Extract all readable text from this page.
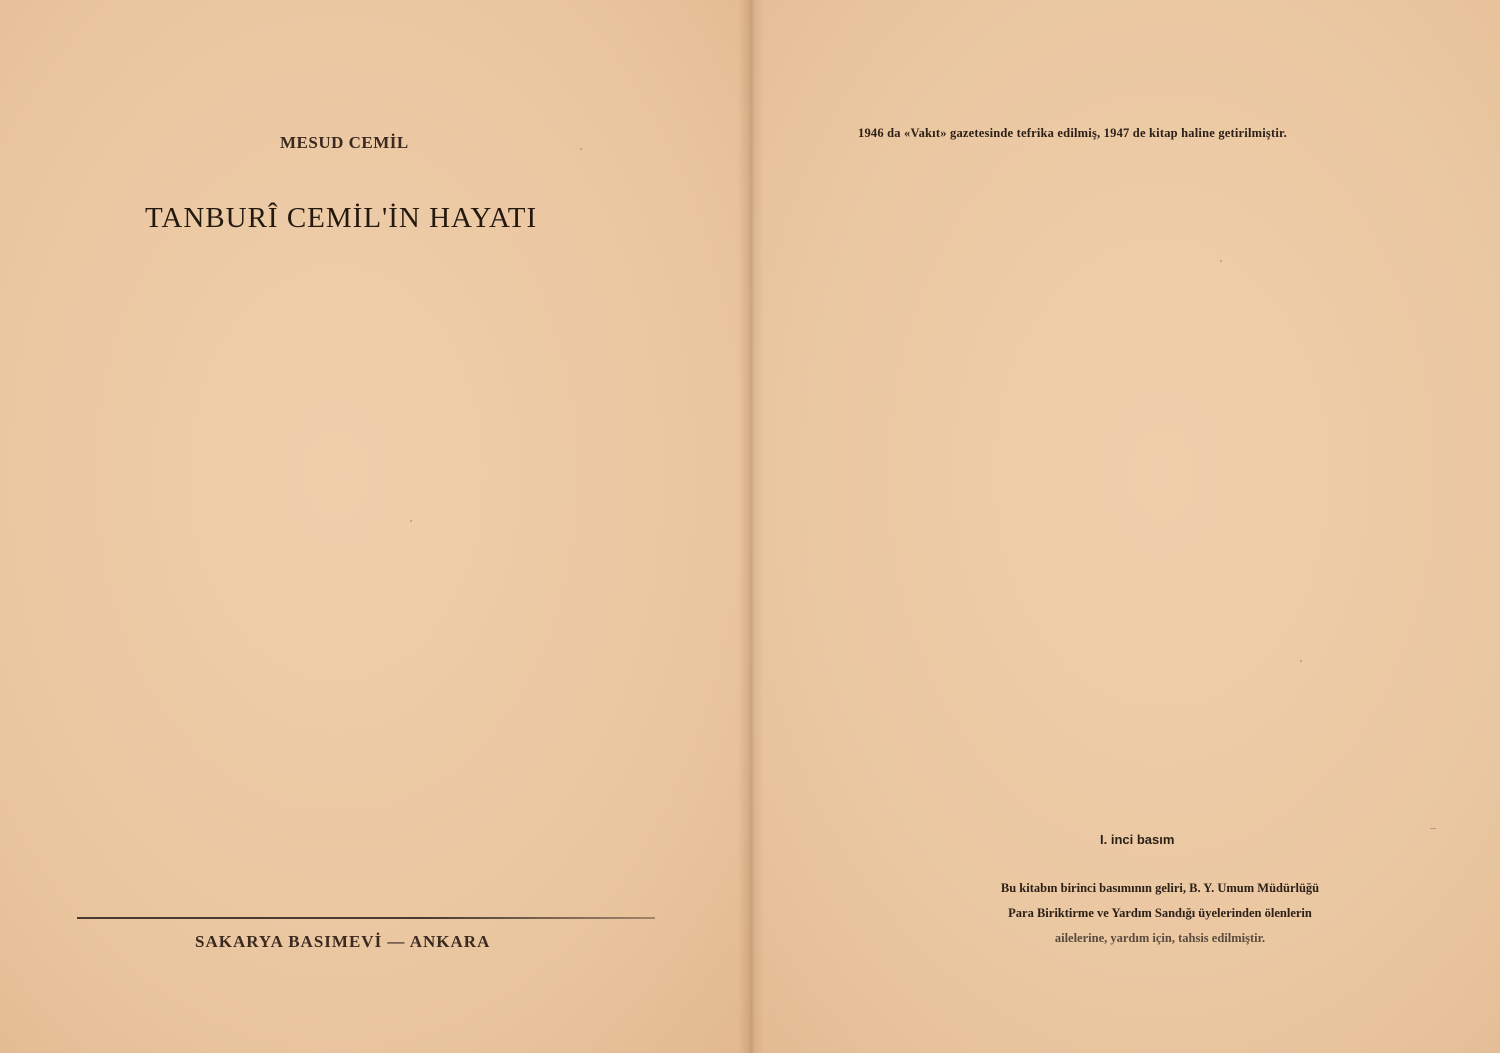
MESUD CEMİL
TANBURÎ CEMİL'İN HAYATI
SAKARYA BASIMEVİ — ANKARA
1946 da «Vakıt» gazetesinde tefrika edilmiş, 1947 de kitap haline getirilmiştir.
I. inci basım
Bu kitabın birinci basımının geliri, B. Y. Umum Müdürlüğü
Para Biriktirme ve Yardım Sandığı üyelerinden ölenlerin
ailelerine, yardım için, tahsis edilmiştir.
